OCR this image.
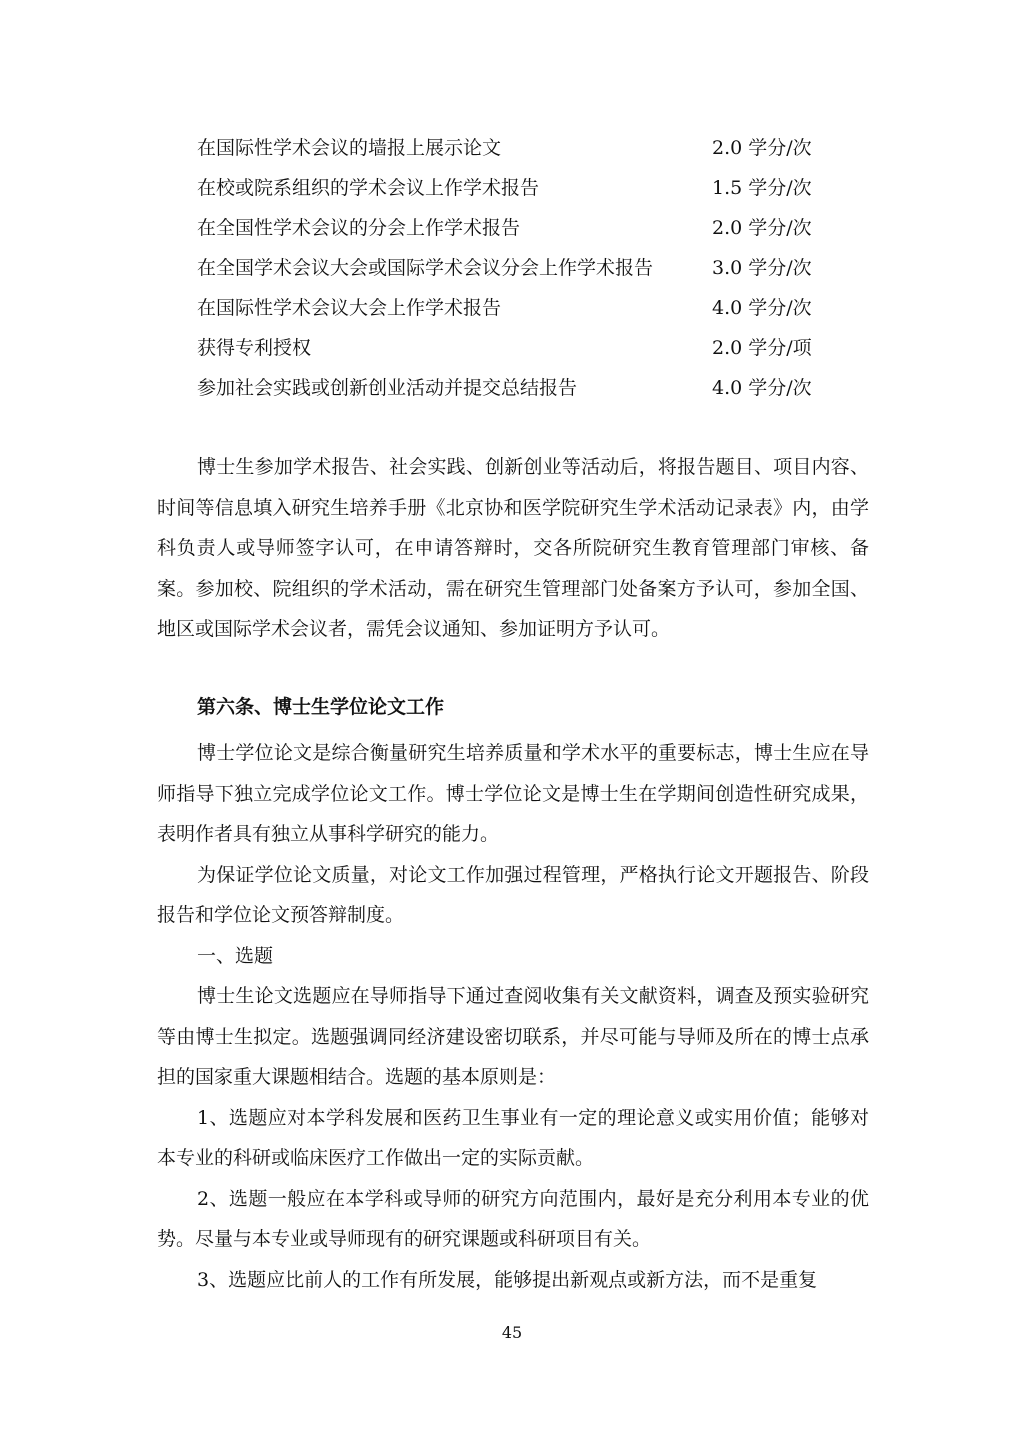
在国际性学术会议的墙报上展示论文	2.0 学分/次
在校或院系组织的学术会议上作学术报告	1.5 学分/次
在全国性学术会议的分会上作学术报告	2.0 学分/次
在全国学术会议大会或国际学术会议分会上作学术报告	3.0 学分/次
在国际性学术会议大会上作学术报告	4.0 学分/次
获得专利授权	2.0 学分/项
参加社会实践或创新创业活动并提交总结报告	4.0 学分/次
博士生参加学术报告、社会实践、创新创业等活动后，将报告题目、项目内容、时间等信息填入研究生培养手册《北京协和医学院研究生学术活动记录表》内，由学科负责人或导师签字认可，在申请答辩时，交各所院研究生教育管理部门审核、备案。参加校、院组织的学术活动，需在研究生管理部门处备案方予认可，参加全国、地区或国际学术会议者，需凭会议通知、参加证明方予认可。
第六条、博士生学位论文工作

博士学位论文是综合衡量研究生培养质量和学术水平的重要标志，博士生应在导师指导下独立完成学位论文工作。博士学位论文是博士生在学期间创造性研究成果，表明作者具有独立从事科学研究的能力。

为保证学位论文质量，对论文工作加强过程管理，严格执行论文开题报告、阶段报告和学位论文预答辩制度。

一、选题

博士生论文选题应在导师指导下通过查阅收集有关文献资料，调查及预实验研究等由博士生拟定。选题强调同经济建设密切联系，并尽可能与导师及所在的博士点承担的国家重大课题相结合。选题的基本原则是：

1、选题应对本学科发展和医药卫生事业有一定的理论意义或实用价值；能够对本专业的科研或临床医疗工作做出一定的实际贡献。

2、选题一般应在本学科或导师的研究方向范围内，最好是充分利用本专业的优势。尽量与本专业或导师现有的研究课题或科研项目有关。

3、选题应比前人的工作有所发展，能够提出新观点或新方法，而不是重复

45
